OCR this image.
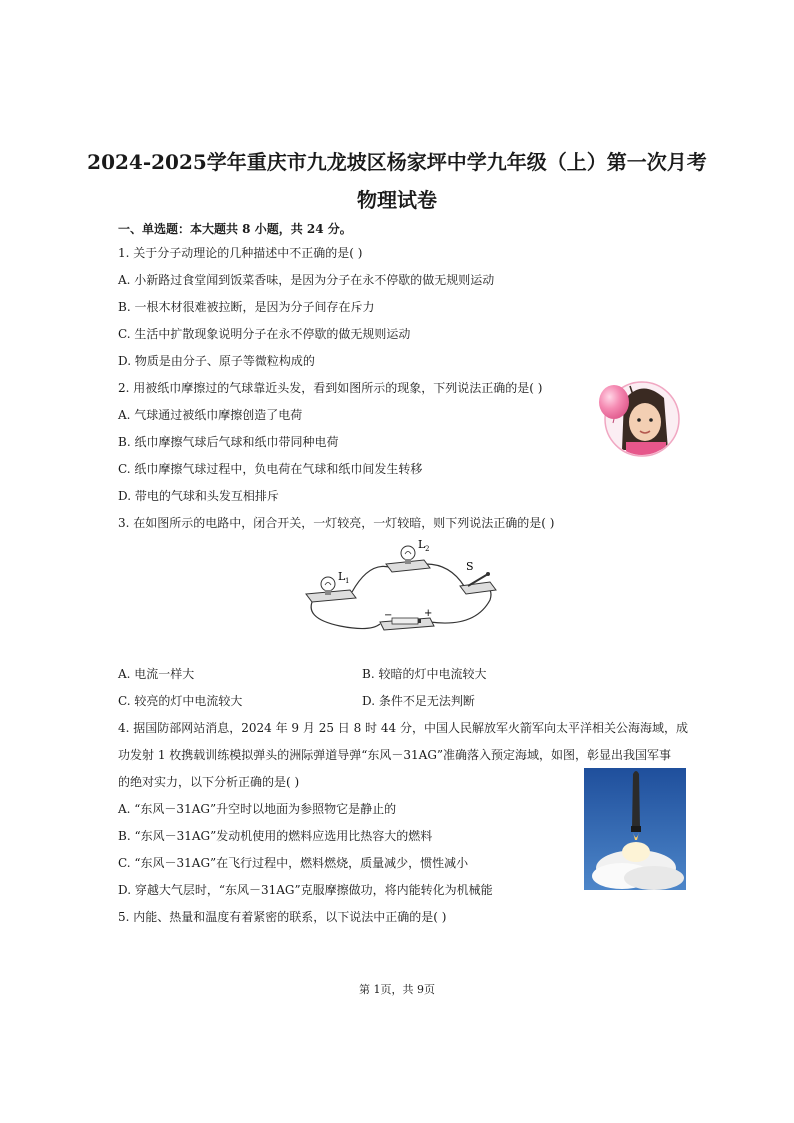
2024-2025学年重庆市九龙坡区杨家坪中学九年级（上）第一次月考
物理试卷
一、单选题：本大题共 8 小题，共 24 分。
1. 关于分子动理论的几种描述中不正确的是( )
A. 小新路过食堂闻到饭菜香味，是因为分子在永不停歇的做无规则运动
B. 一根木材很难被拉断，是因为分子间存在斥力
C. 生活中扩散现象说明分子在永不停歇的做无规则运动
D. 物质是由分子、原子等微粒构成的
2. 用被纸巾摩擦过的气球靠近头发，看到如图所示的现象，下列说法正确的是( )
A. 气球通过被纸巾摩擦创造了电荷
B. 纸巾摩擦气球后气球和纸巾带同种电荷
C. 纸巾摩擦气球过程中，负电荷在气球和纸巾间发生转移
D. 带电的气球和头发互相排斥
3. 在如图所示的电路中，闭合开关，一灯较亮，一灯较暗，则下列说法正确的是( )
L 1
L 2
S
−	+
A. 电流一样大	B. 较暗的灯中电流较大
C. 较亮的灯中电流较大	D. 条件不足无法判断
4. 据国防部网站消息，2024 年 9 月 25 日 8 时 44 分，中国人民解放军火箭军向太平洋相关公海海域，成
功发射 1 枚携载训练模拟弹头的洲际弹道导弹“东风－31AG”准确落入预定海域，如图，彰显出我国军事
的绝对实力，以下分析正确的是( )
A. “东风－31AG”升空时以地面为参照物它是静止的
B. “东风－31AG”发动机使用的燃料应选用比热容大的燃料
C. “东风－31AG”在飞行过程中，燃料燃烧，质量减少，惯性减小
D. 穿越大气层时，“东风－31AG”克服摩擦做功，将内能转化为机械能
5. 内能、热量和温度有着紧密的联系，以下说法中正确的是( )
第 1页，共 9页
